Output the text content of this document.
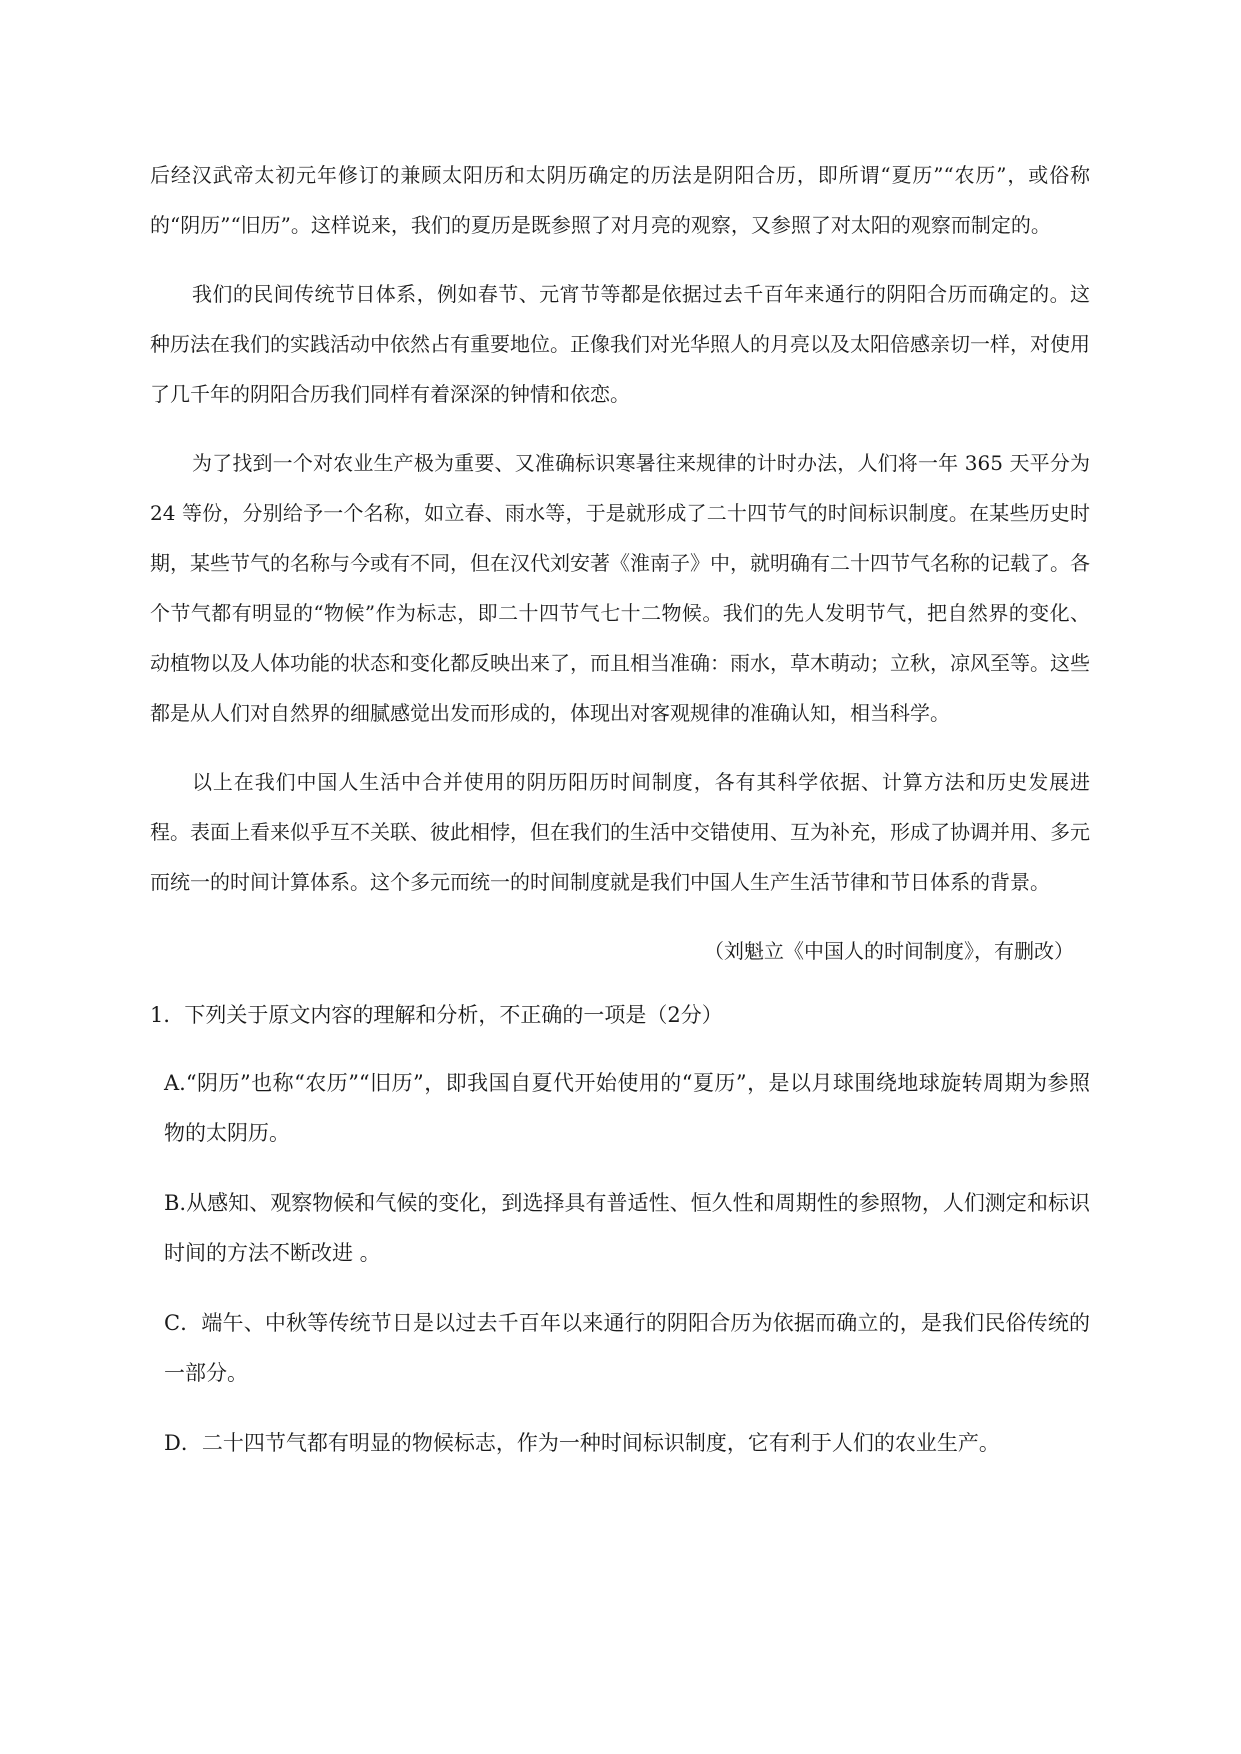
后经汉武帝太初元年修订的兼顾太阳历和太阴历确定的历法是阴阳合历，即所谓“夏历”“农历”，或俗称的“阴历”“旧历”。这样说来，我们的夏历是既参照了对月亮的观察，又参照了对太阳的观察而制定的。

我们的民间传统节日体系，例如春节、元宵节等都是依据过去千百年来通行的阴阳合历而确定的。这种历法在我们的实践活动中依然占有重要地位。正像我们对光华照人的月亮以及太阳倍感亲切一样，对使用了几千年的阴阳合历我们同样有着深深的钟情和依恋。

为了找到一个对农业生产极为重要、又准确标识寒暑往来规律的计时办法，人们将一年 365 天平分为 24 等份，分别给予一个名称，如立春、雨水等，于是就形成了二十四节气的时间标识制度。在某些历史时期，某些节气的名称与今或有不同，但在汉代刘安著《淮南子》中，就明确有二十四节气名称的记载了。各个节气都有明显的“物候”作为标志，即二十四节气七十二物候。我们的先人发明节气，把自然界的变化、动植物以及人体功能的状态和变化都反映出来了，而且相当准确：雨水，草木萌动；立秋，凉风至等。这些都是从人们对自然界的细腻感觉出发而形成的，体现出对客观规律的准确认知，相当科学。

以上在我们中国人生活中合并使用的阴历阳历时间制度，各有其科学依据、计算方法和历史发展进程。表面上看来似乎互不关联、彼此相悖，但在我们的生活中交错使用、互为补充，形成了协调并用、多元而统一的时间计算体系。这个多元而统一的时间制度就是我们中国人生产生活节律和节日体系的背景。

（刘魁立《中国人的时间制度》，有删改）

1．下列关于原文内容的理解和分析，不正确的一项是（2分）

A.“阴历”也称“农历”“旧历”，即我国自夏代开始使用的“夏历”，是以月球围绕地球旋转周期为参照物的太阴历。

B.从感知、观察物候和气候的变化，到选择具有普适性、恒久性和周期性的参照物，人们测定和标识时间的方法不断改进 。

C．端午、中秋等传统节日是以过去千百年以来通行的阴阳合历为依据而确立的，是我们民俗传统的一部分。

D．二十四节气都有明显的物候标志，作为一种时间标识制度，它有利于人们的农业生产。
